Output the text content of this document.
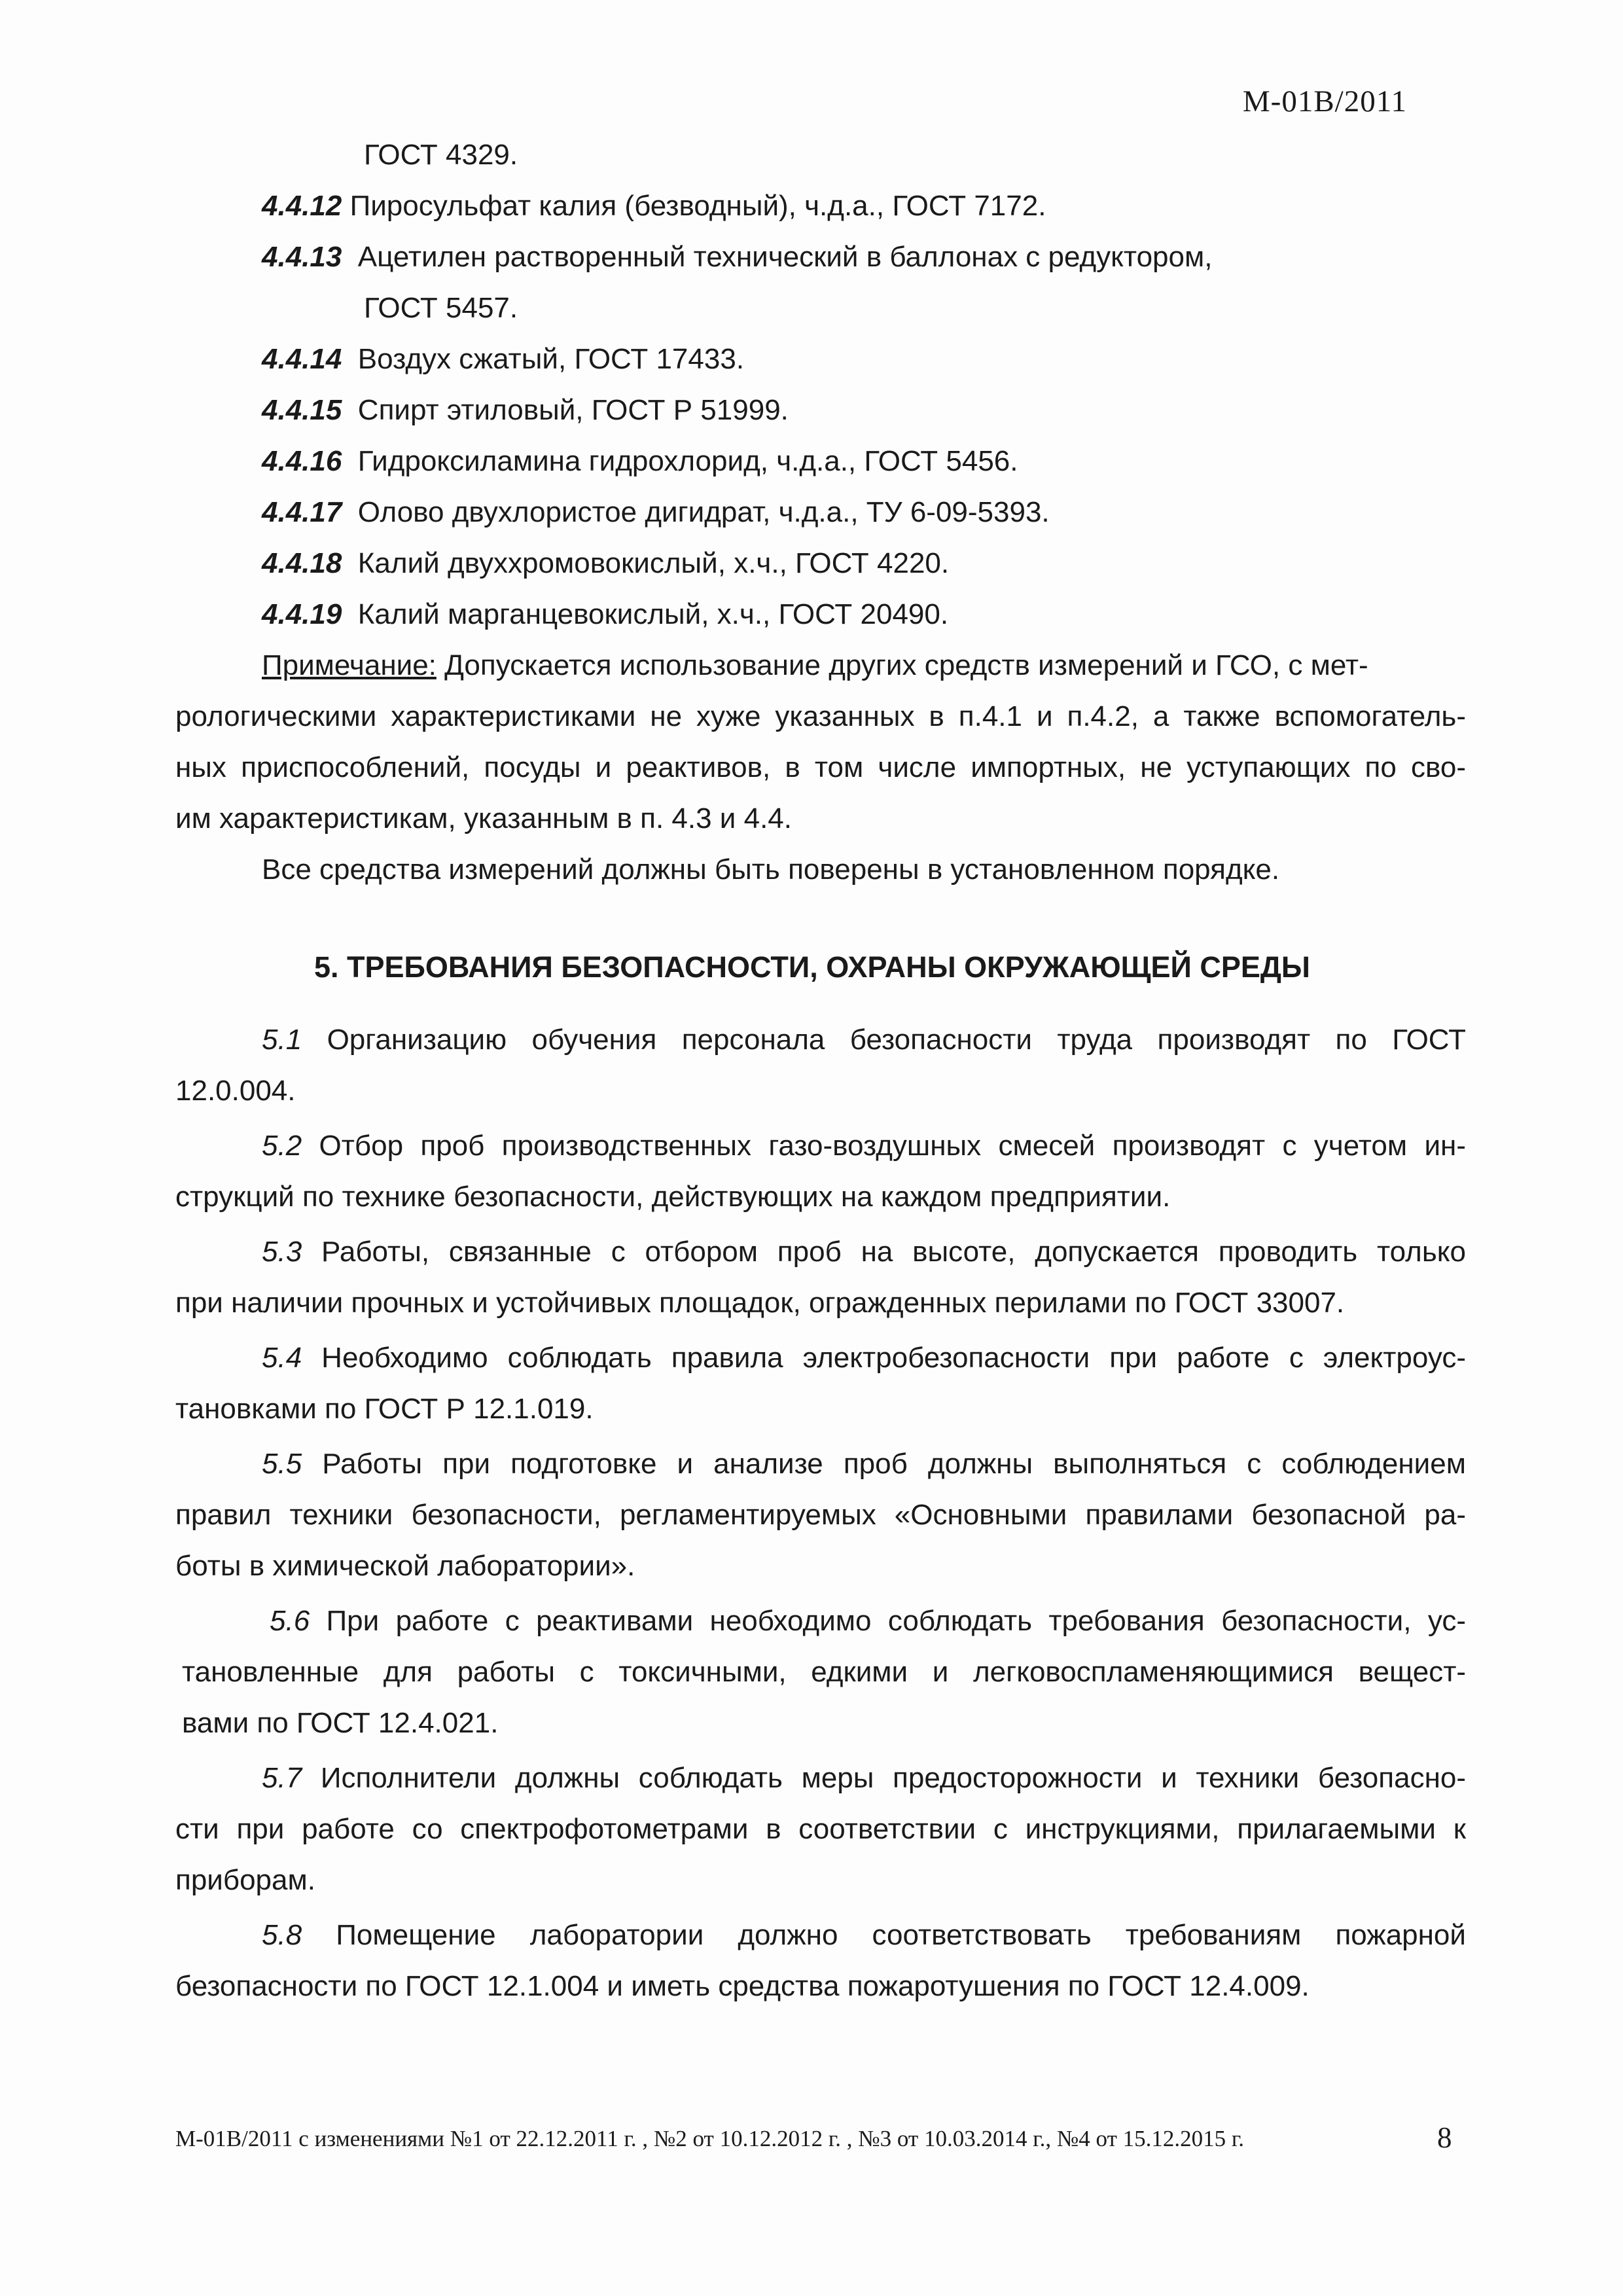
М-01В/2011
ГОСТ 4329.
4.4.12 Пиросульфат калия (безводный), ч.д.а., ГОСТ 7172.
4.4.13 Ацетилен растворенный технический в баллонах с редуктором,
ГОСТ 5457.
4.4.14 Воздух сжатый, ГОСТ 17433.
4.4.15 Спирт этиловый, ГОСТ Р 51999.
4.4.16 Гидроксиламина гидрохлорид, ч.д.а., ГОСТ 5456.
4.4.17 Олово двухлористое дигидрат, ч.д.а., ТУ 6-09-5393.
4.4.18 Калий двуххромовокислый, х.ч., ГОСТ 4220.
4.4.19 Калий марганцевокислый, х.ч., ГОСТ 20490.
Примечание: Допускается использование других средств измерений и ГСО, с мет-
рологическими характеристиками не хуже указанных в п.4.1 и п.4.2, а также вспомогатель-
ных приспособлений, посуды и реактивов, в том числе импортных, не уступающих по сво-
им характеристикам, указанным в п. 4.3 и 4.4.
Все средства измерений должны быть поверены в установленном порядке.
5.1 Организацию обучения персонала безопасности труда производят по ГОСТ
12.0.004.
5.2 Отбор проб производственных газо-воздушных смесей производят с учетом ин-
струкций по технике безопасности, действующих на каждом предприятии.
5.3 Работы, связанные с отбором проб на высоте, допускается проводить только
при наличии прочных и устойчивых площадок, огражденных перилами по ГОСТ 33007.
5.4 Необходимо соблюдать правила электробезопасности при работе с электроус-
тановками по ГОСТ Р 12.1.019.
5.5 Работы при подготовке и анализе проб должны выполняться с соблюдением
правил техники безопасности, регламентируемых «Основными правилами безопасной ра-
боты в химической лаборатории».
5.6 При работе с реактивами необходимо соблюдать требования безопасности, ус-
тановленные для работы с токсичными, едкими и легковоспламеняющимися вещест-
вами по ГОСТ 12.4.021.
5.7 Исполнители должны соблюдать меры предосторожности и техники безопасно-
сти при работе со спектрофотометрами в соответствии с инструкциями, прилагаемыми к
приборам.
5.8 Помещение лаборатории должно соответствовать требованиям пожарной
безопасности по ГОСТ 12.1.004 и иметь средства пожаротушения по ГОСТ 12.4.009.
5. ТРЕБОВАНИЯ БЕЗОПАСНОСТИ, ОХРАНЫ ОКРУЖАЮЩЕЙ СРЕДЫ
М-01В/2011 с изменениями №1 от 22.12.2011 г. , №2 от 10.12.2012 г. , №3 от 10.03.2014 г., №4 от 15.12.2015 г.	8
